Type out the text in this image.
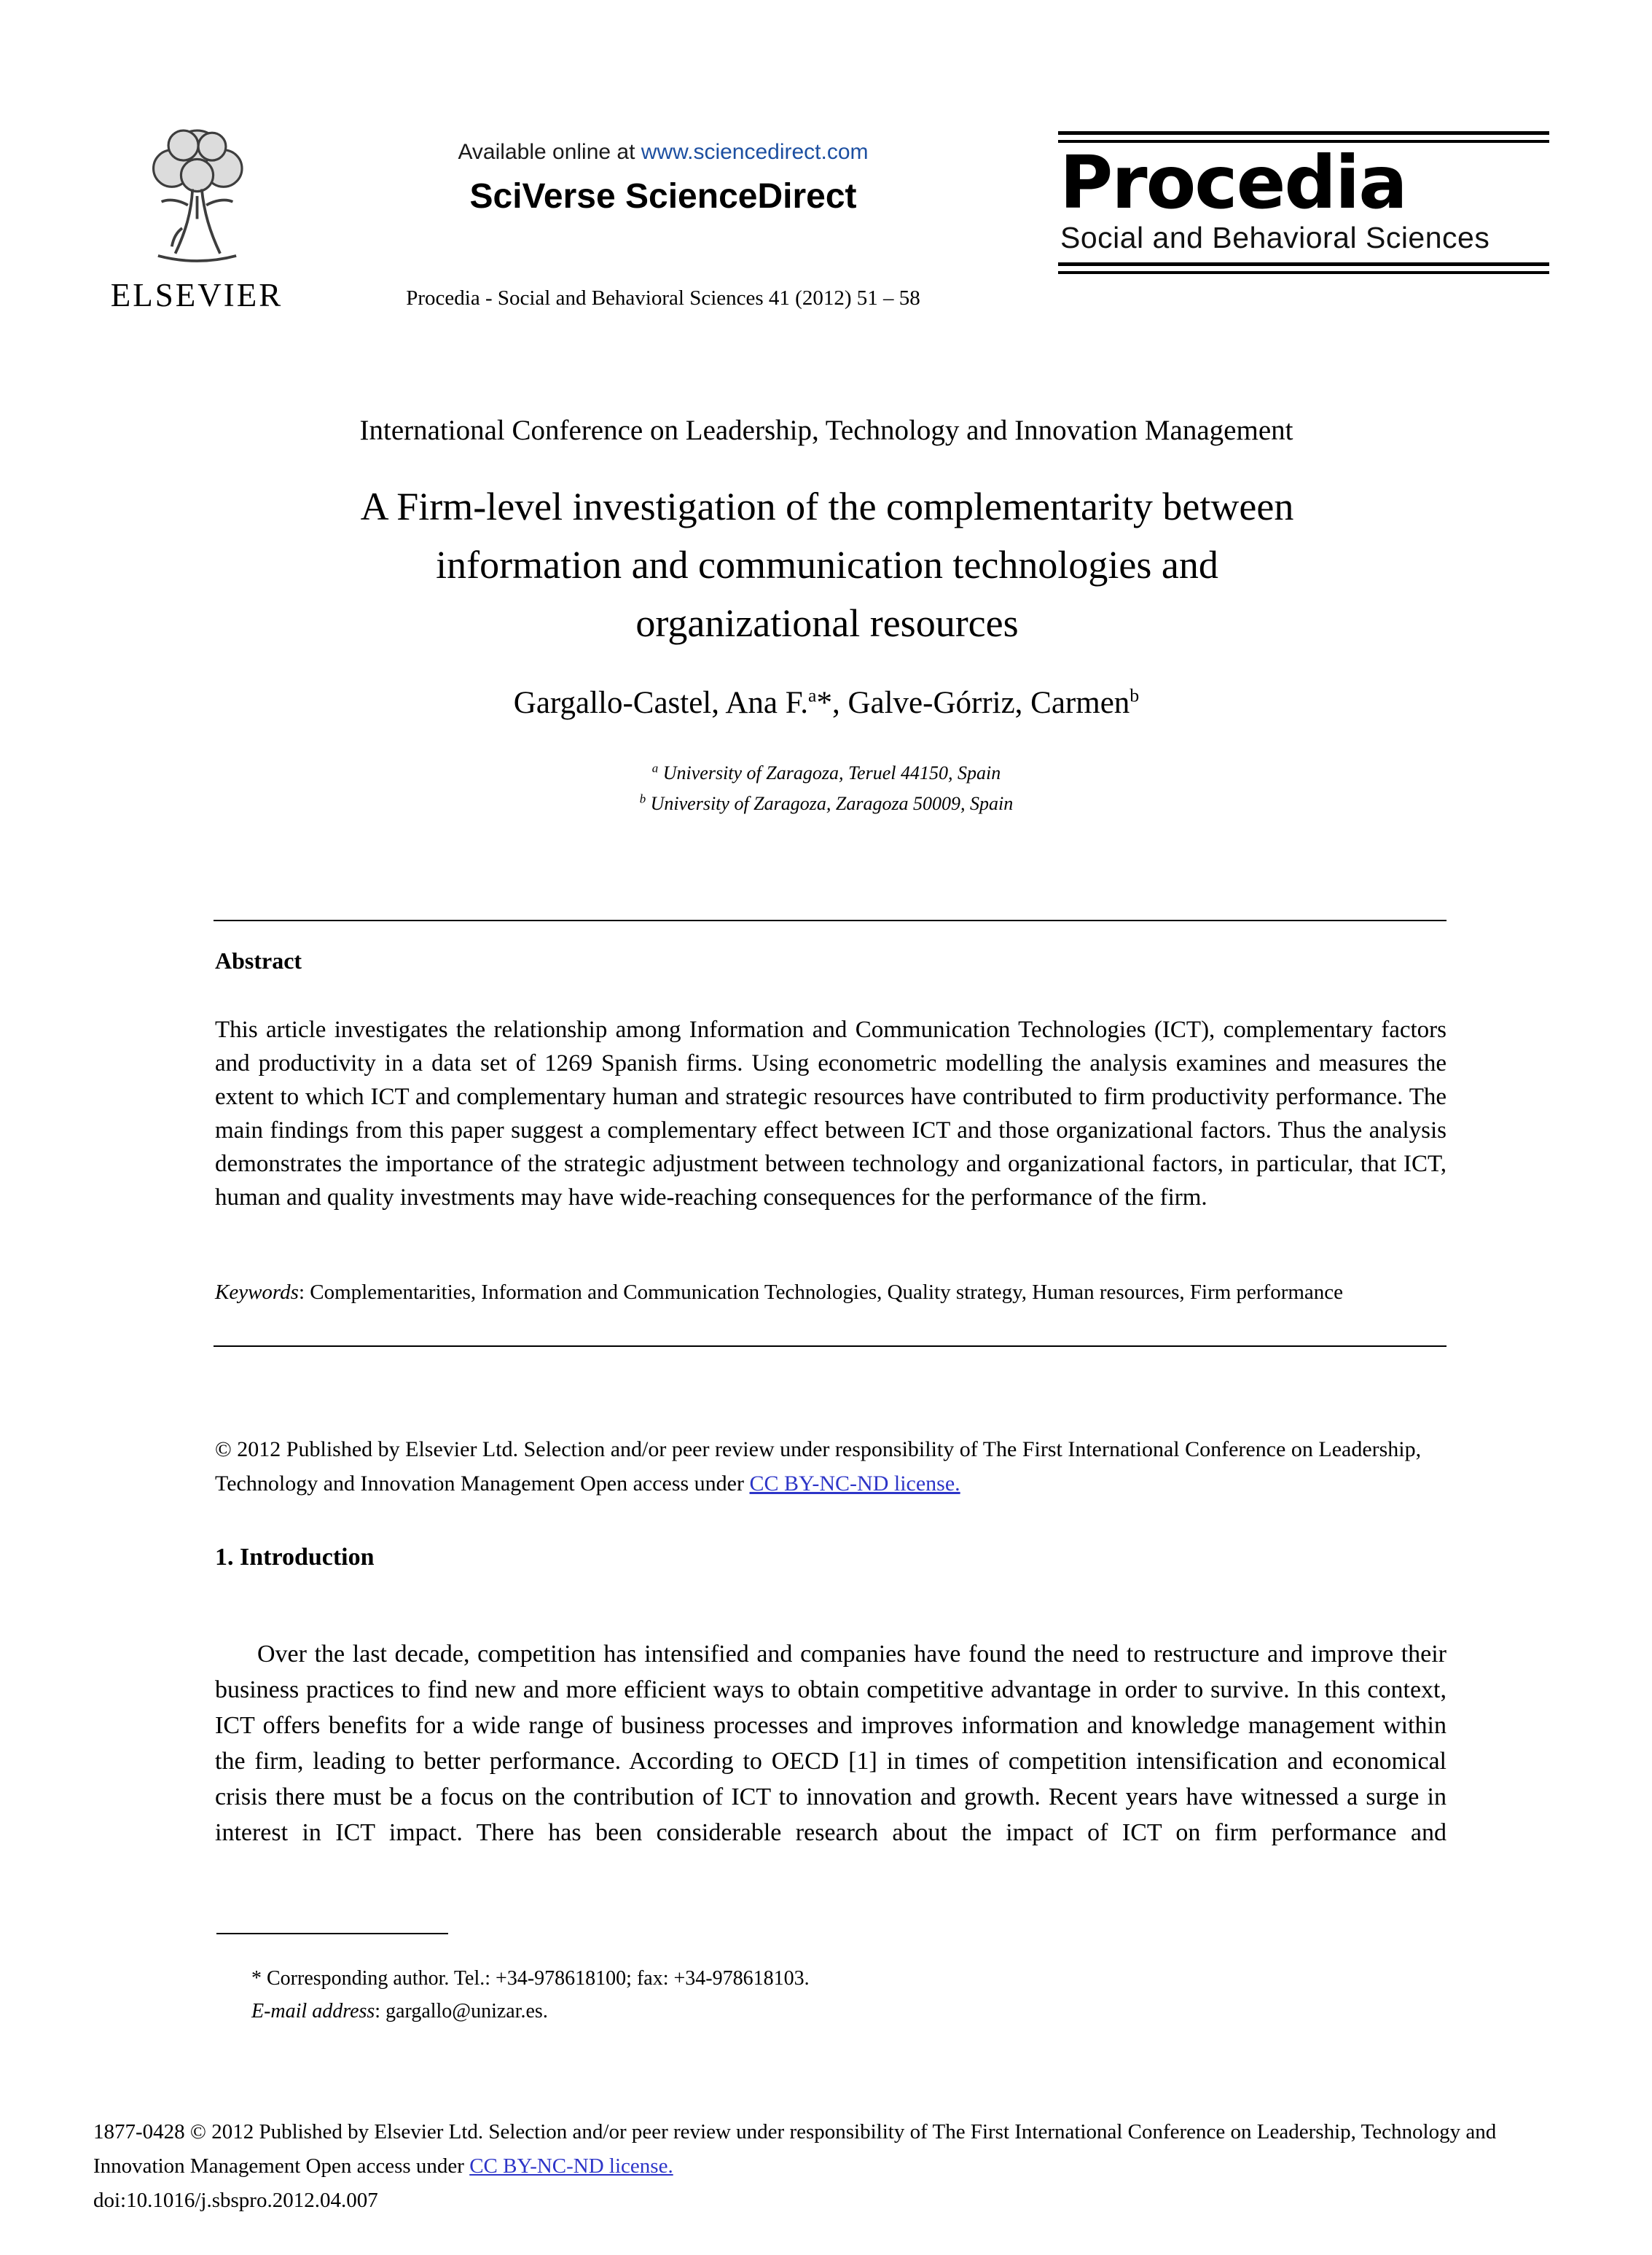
ELSEVIER
Available online at www.sciencedirect.com
SciVerse ScienceDirect
Procedia - Social and Behavioral Sciences 41 (2012) 51 – 58
Procedia
Social and Behavioral Sciences
International Conference on Leadership, Technology and Innovation Management
A Firm-level investigation of the complementarity between
information and communication technologies and
organizational resources
Gargallo-Castel, Ana F.$^a$*, Galve-Górriz, Carmen$^b$
$^a$ University of Zaragoza, Teruel 44150, Spain
$^b$ University of Zaragoza, Zaragoza 50009, Spain
Abstract
This article investigates the relationship among Information and Communication Technologies (ICT), complementary factors and productivity in a data set of 1269 Spanish firms. Using econometric modelling the analysis examines and measures the extent to which ICT and complementary human and strategic resources have contributed to firm productivity performance. The main findings from this paper suggest a complementary effect between ICT and those organizational factors. Thus the analysis demonstrates the importance of the strategic adjustment between technology and organizational factors, in particular, that ICT, human and quality investments may have wide-reaching consequences for the performance of the firm.
Keywords: Complementarities, Information and Communication Technologies, Quality strategy, Human resources, Firm performance
© 2012 Published by Elsevier Ltd. Selection and/or peer review under responsibility of The First International Conference on Leadership, Technology and Innovation Management Open access under CC BY-NC-ND license.
1. Introduction
Over the last decade, competition has intensified and companies have found the need to restructure and improve their business practices to find new and more efficient ways to obtain competitive advantage in order to survive. In this context, ICT offers benefits for a wide range of business processes and improves information and knowledge management within the firm, leading to better performance. According to OECD [1] in times of competition intensification and economical crisis there must be a focus on the contribution of ICT to innovation and growth. Recent years have witnessed a surge in interest in ICT impact. There has been considerable research about the impact of ICT on firm performance and
* Corresponding author. Tel.: +34-978618100; fax: +34-978618103.
E-mail address: gargallo@unizar.es.
1877-0428 © 2012 Published by Elsevier Ltd. Selection and/or peer review under responsibility of The First International Conference on Leadership, Technology and Innovation Management Open access under CC BY-NC-ND license.
doi:10.1016/j.sbspro.2012.04.007
